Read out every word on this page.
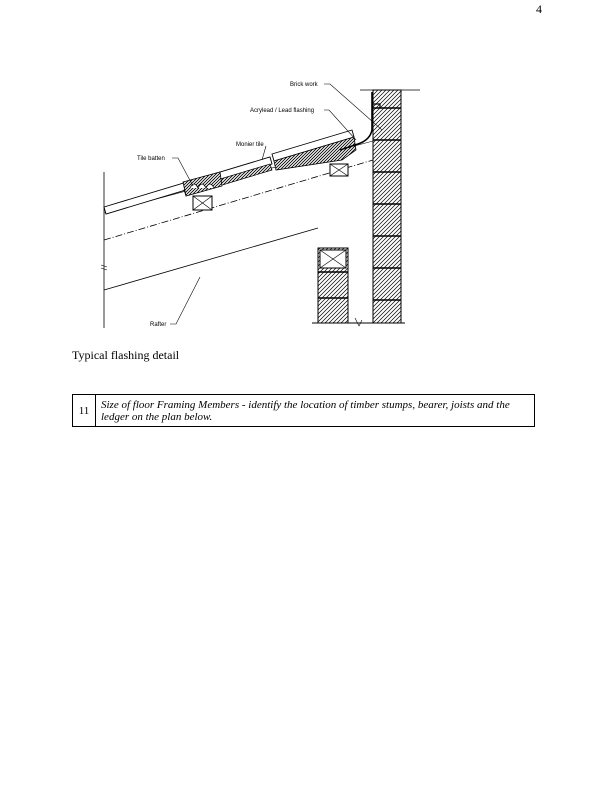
4
Brick work
Acrylead / Lead flashing
Monier tile
Tile batten
Rafter
Typical flashing detail
11	Size of floor Framing Members - identify the location of timber stumps, bearer, joists and the ledger on the plan below.
